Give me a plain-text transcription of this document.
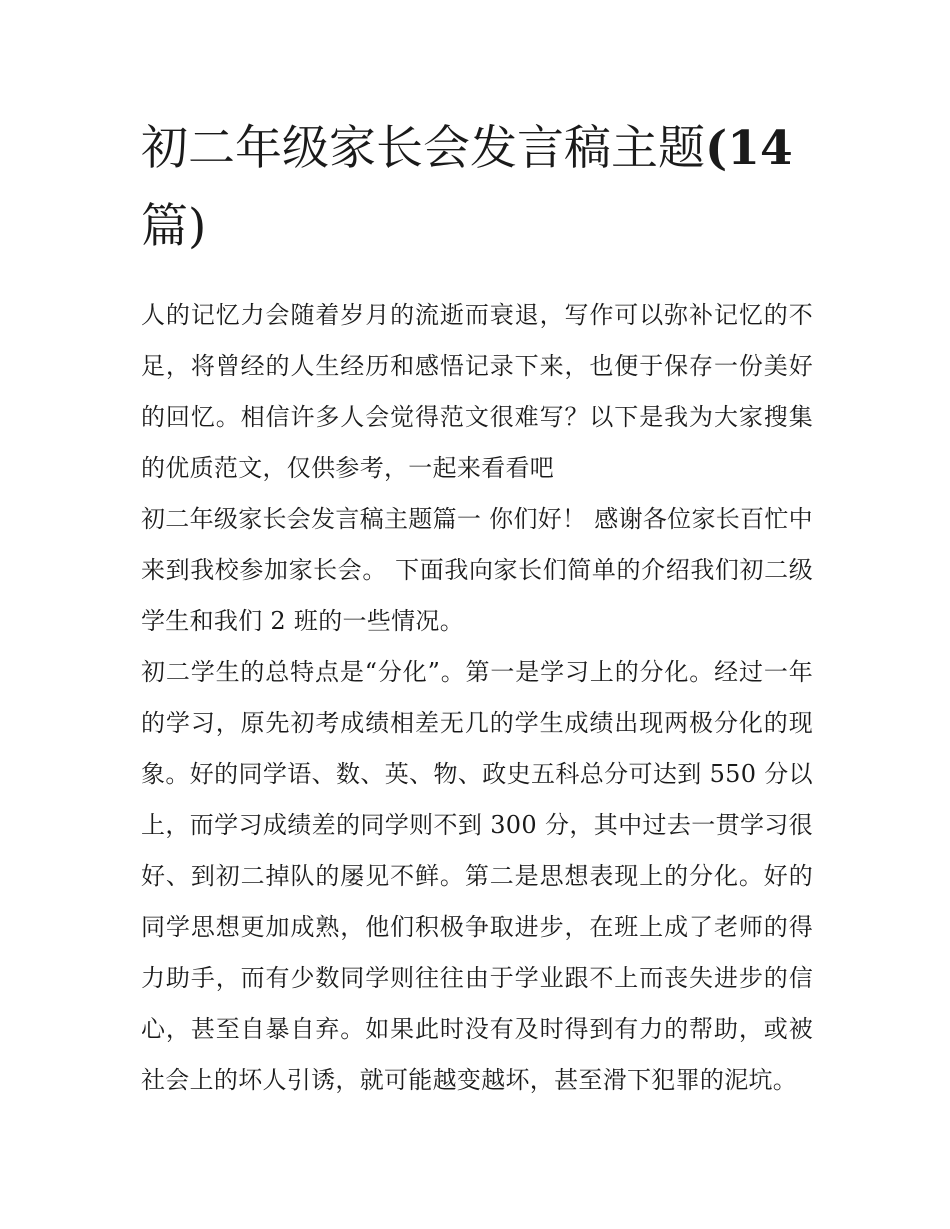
初二年级家长会发言稿主题(14
篇)

人的记忆力会随着岁月的流逝而衰退，写作可以弥补记忆的不足，将曾经的人生经历和感悟记录下来，也便于保存一份美好的回忆。相信许多人会觉得范文很难写？以下是我为大家搜集的优质范文，仅供参考，一起来看看吧

初二年级家长会发言稿主题篇一 你们好！ 感谢各位家长百忙中来到我校参加家长会。 下面我向家长们简单的介绍我们初二级学生和我们 2 班的一些情况。

初二学生的总特点是“分化”。第一是学习上的分化。经过一年的学习，原先初考成绩相差无几的学生成绩出现两极分化的现象。好的同学语、数、英、物、政史五科总分可达到 550 分以上，而学习成绩差的同学则不到 300 分，其中过去一贯学习很好、到初二掉队的屡见不鲜。第二是思想表现上的分化。好的同学思想更加成熟，他们积极争取进步，在班上成了老师的得力助手，而有少数同学则往往由于学业跟不上而丧失进步的信心，甚至自暴自弃。如果此时没有及时得到有力的帮助，或被社会上的坏人引诱，就可能越变越坏，甚至滑下犯罪的泥坑。
